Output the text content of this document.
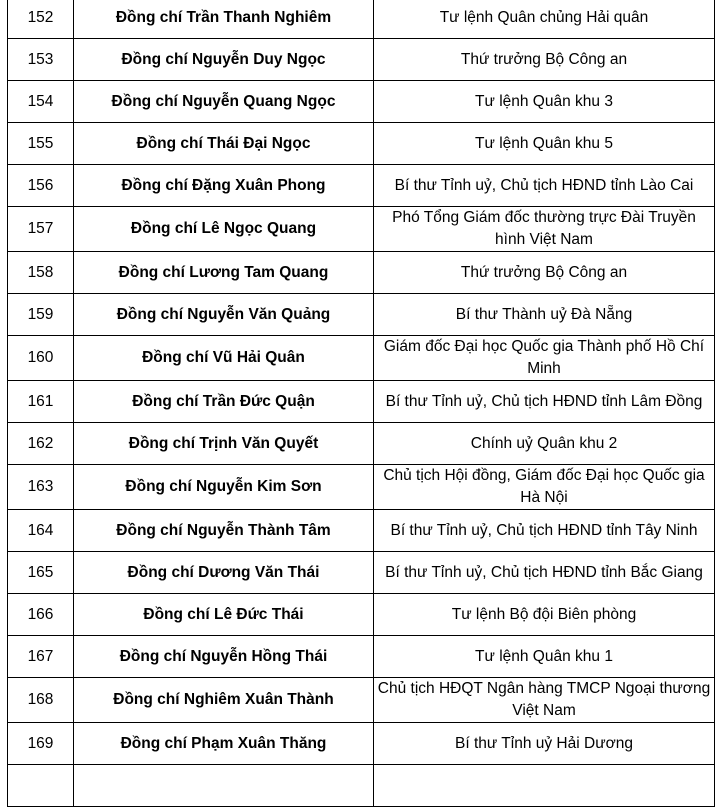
152	Đồng chí Trần Thanh Nghiêm	Tư lệnh Quân chủng Hải quân
153	Đồng chí Nguyễn Duy Ngọc	Thứ trưởng Bộ Công an
154	Đồng chí Nguyễn Quang Ngọc	Tư lệnh Quân khu 3
155	Đồng chí Thái Đại Ngọc	Tư lệnh Quân khu 5
156	Đồng chí Đặng Xuân Phong	Bí thư Tỉnh uỷ, Chủ tịch HĐND tỉnh Lào Cai
157	Đồng chí Lê Ngọc Quang	Phó Tổng Giám đốc thường trực Đài Truyền hình Việt Nam
158	Đồng chí Lương Tam Quang	Thứ trưởng Bộ Công an
159	Đồng chí Nguyễn Văn Quảng	Bí thư Thành uỷ Đà Nẵng
160	Đồng chí Vũ Hải Quân	Giám đốc Đại học Quốc gia Thành phố Hồ Chí Minh
161	Đồng chí Trần Đức Quận	Bí thư Tỉnh uỷ, Chủ tịch HĐND tỉnh Lâm Đồng
162	Đồng chí Trịnh Văn Quyết	Chính uỷ Quân khu 2
163	Đồng chí Nguyễn Kim Sơn	Chủ tịch Hội đồng, Giám đốc Đại học Quốc gia Hà Nội
164	Đồng chí Nguyễn Thành Tâm	Bí thư Tỉnh uỷ, Chủ tịch HĐND tỉnh Tây Ninh
165	Đồng chí Dương Văn Thái	Bí thư Tỉnh uỷ, Chủ tịch HĐND tỉnh Bắc Giang
166	Đồng chí Lê Đức Thái	Tư lệnh Bộ đội Biên phòng
167	Đồng chí Nguyễn Hồng Thái	Tư lệnh Quân khu 1
168	Đồng chí Nghiêm Xuân Thành	Chủ tịch HĐQT Ngân hàng TMCP Ngoại thương Việt Nam
169	Đồng chí Phạm Xuân Thăng	Bí thư Tỉnh uỷ Hải Dương
